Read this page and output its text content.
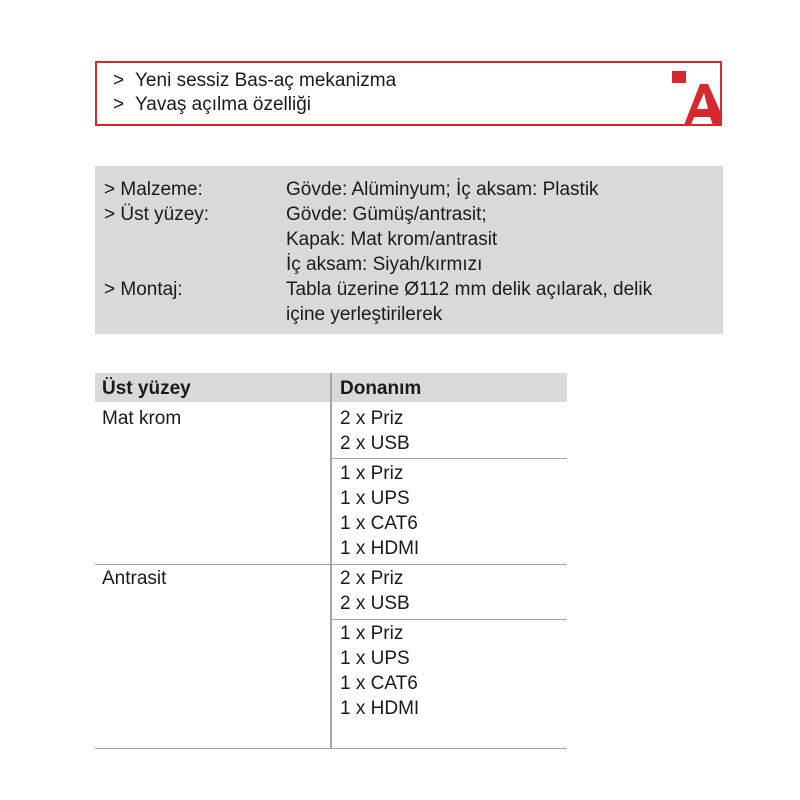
> Yeni sessiz Bas-aç mekanizma
> Yavaş açılma özelliği
> Malzeme:	Gövde: Alüminyum; İç aksam: Plastik
> Üst yüzey:	Gövde: Gümüş/antrasit;
Kapak: Mat krom/antrasit
İç aksam: Siyah/kırmızı
> Montaj:	Tabla üzerine Ø112 mm delik açılarak, delik
içine yerleştirilerek
Üst yüzey	Donanım
Mat krom	2 x Priz
2 x USB
1 x Priz
1 x UPS
1 x CAT6
1 x HDMI
Antrasit	2 x Priz
2 x USB
1 x Priz
1 x UPS
1 x CAT6
1 x HDMI
